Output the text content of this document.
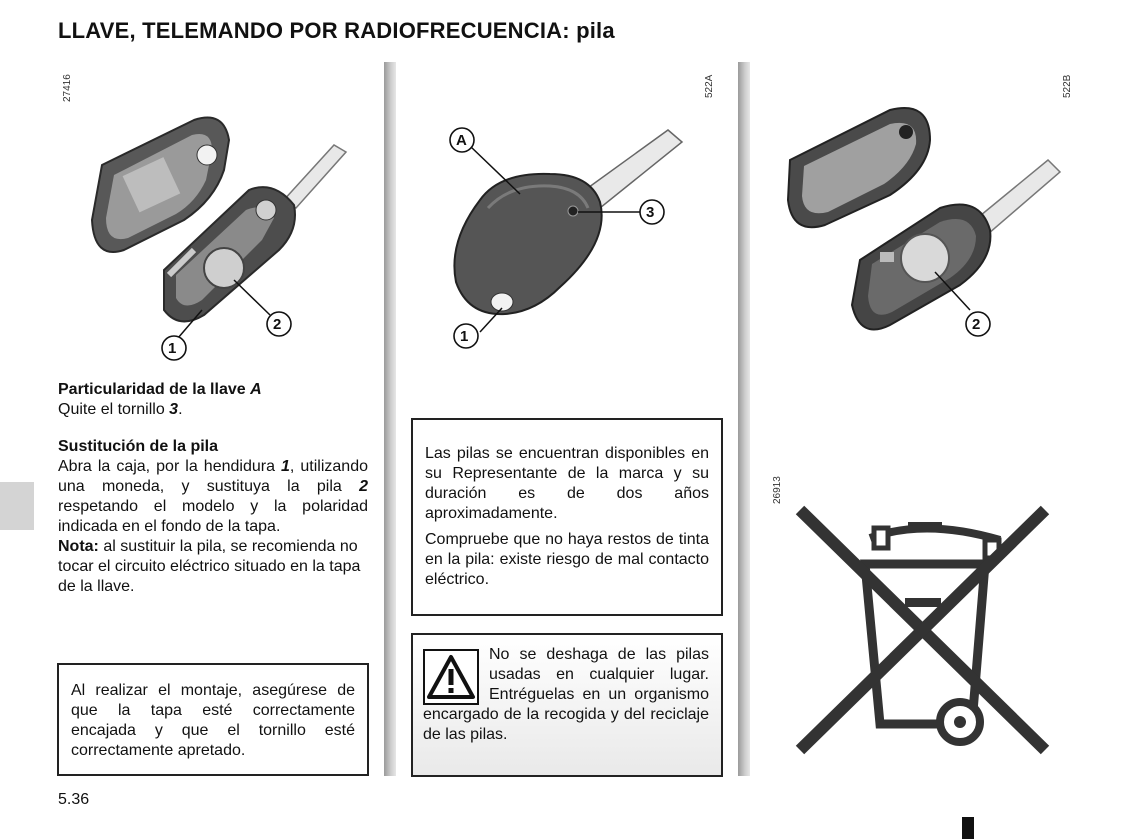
LLAVE, TELEMANDO POR RADIOFRECUENCIA: pila
27416
1
2
522A
A
3
1
522B
2
26913

Particularidad de la llave A

Quite el tornillo 3.

Sustitución de la pila

Abra la caja, por la hendidura 1, utilizando una moneda, y sustituya la pila 2 respetando el modelo y la polaridad indicada en el fondo de la tapa.

Nota: al sustituir la pila, se recomienda no tocar el circuito eléctrico situado en la tapa de la llave.

Al realizar el montaje, asegúrese de que la tapa esté correctamente encajada y que el tornillo esté correctamente apretado.

Las pilas se encuentran disponibles en su Representante de la marca y su duración es de dos años aproximadamente.

Compruebe que no haya restos de tinta en la pila: existe riesgo de mal contacto eléctrico.

No se deshaga de las pilas usadas en cualquier lugar. Entréguelas en un organismo encargado de la recogida y del reciclaje de las pilas.

5.36
